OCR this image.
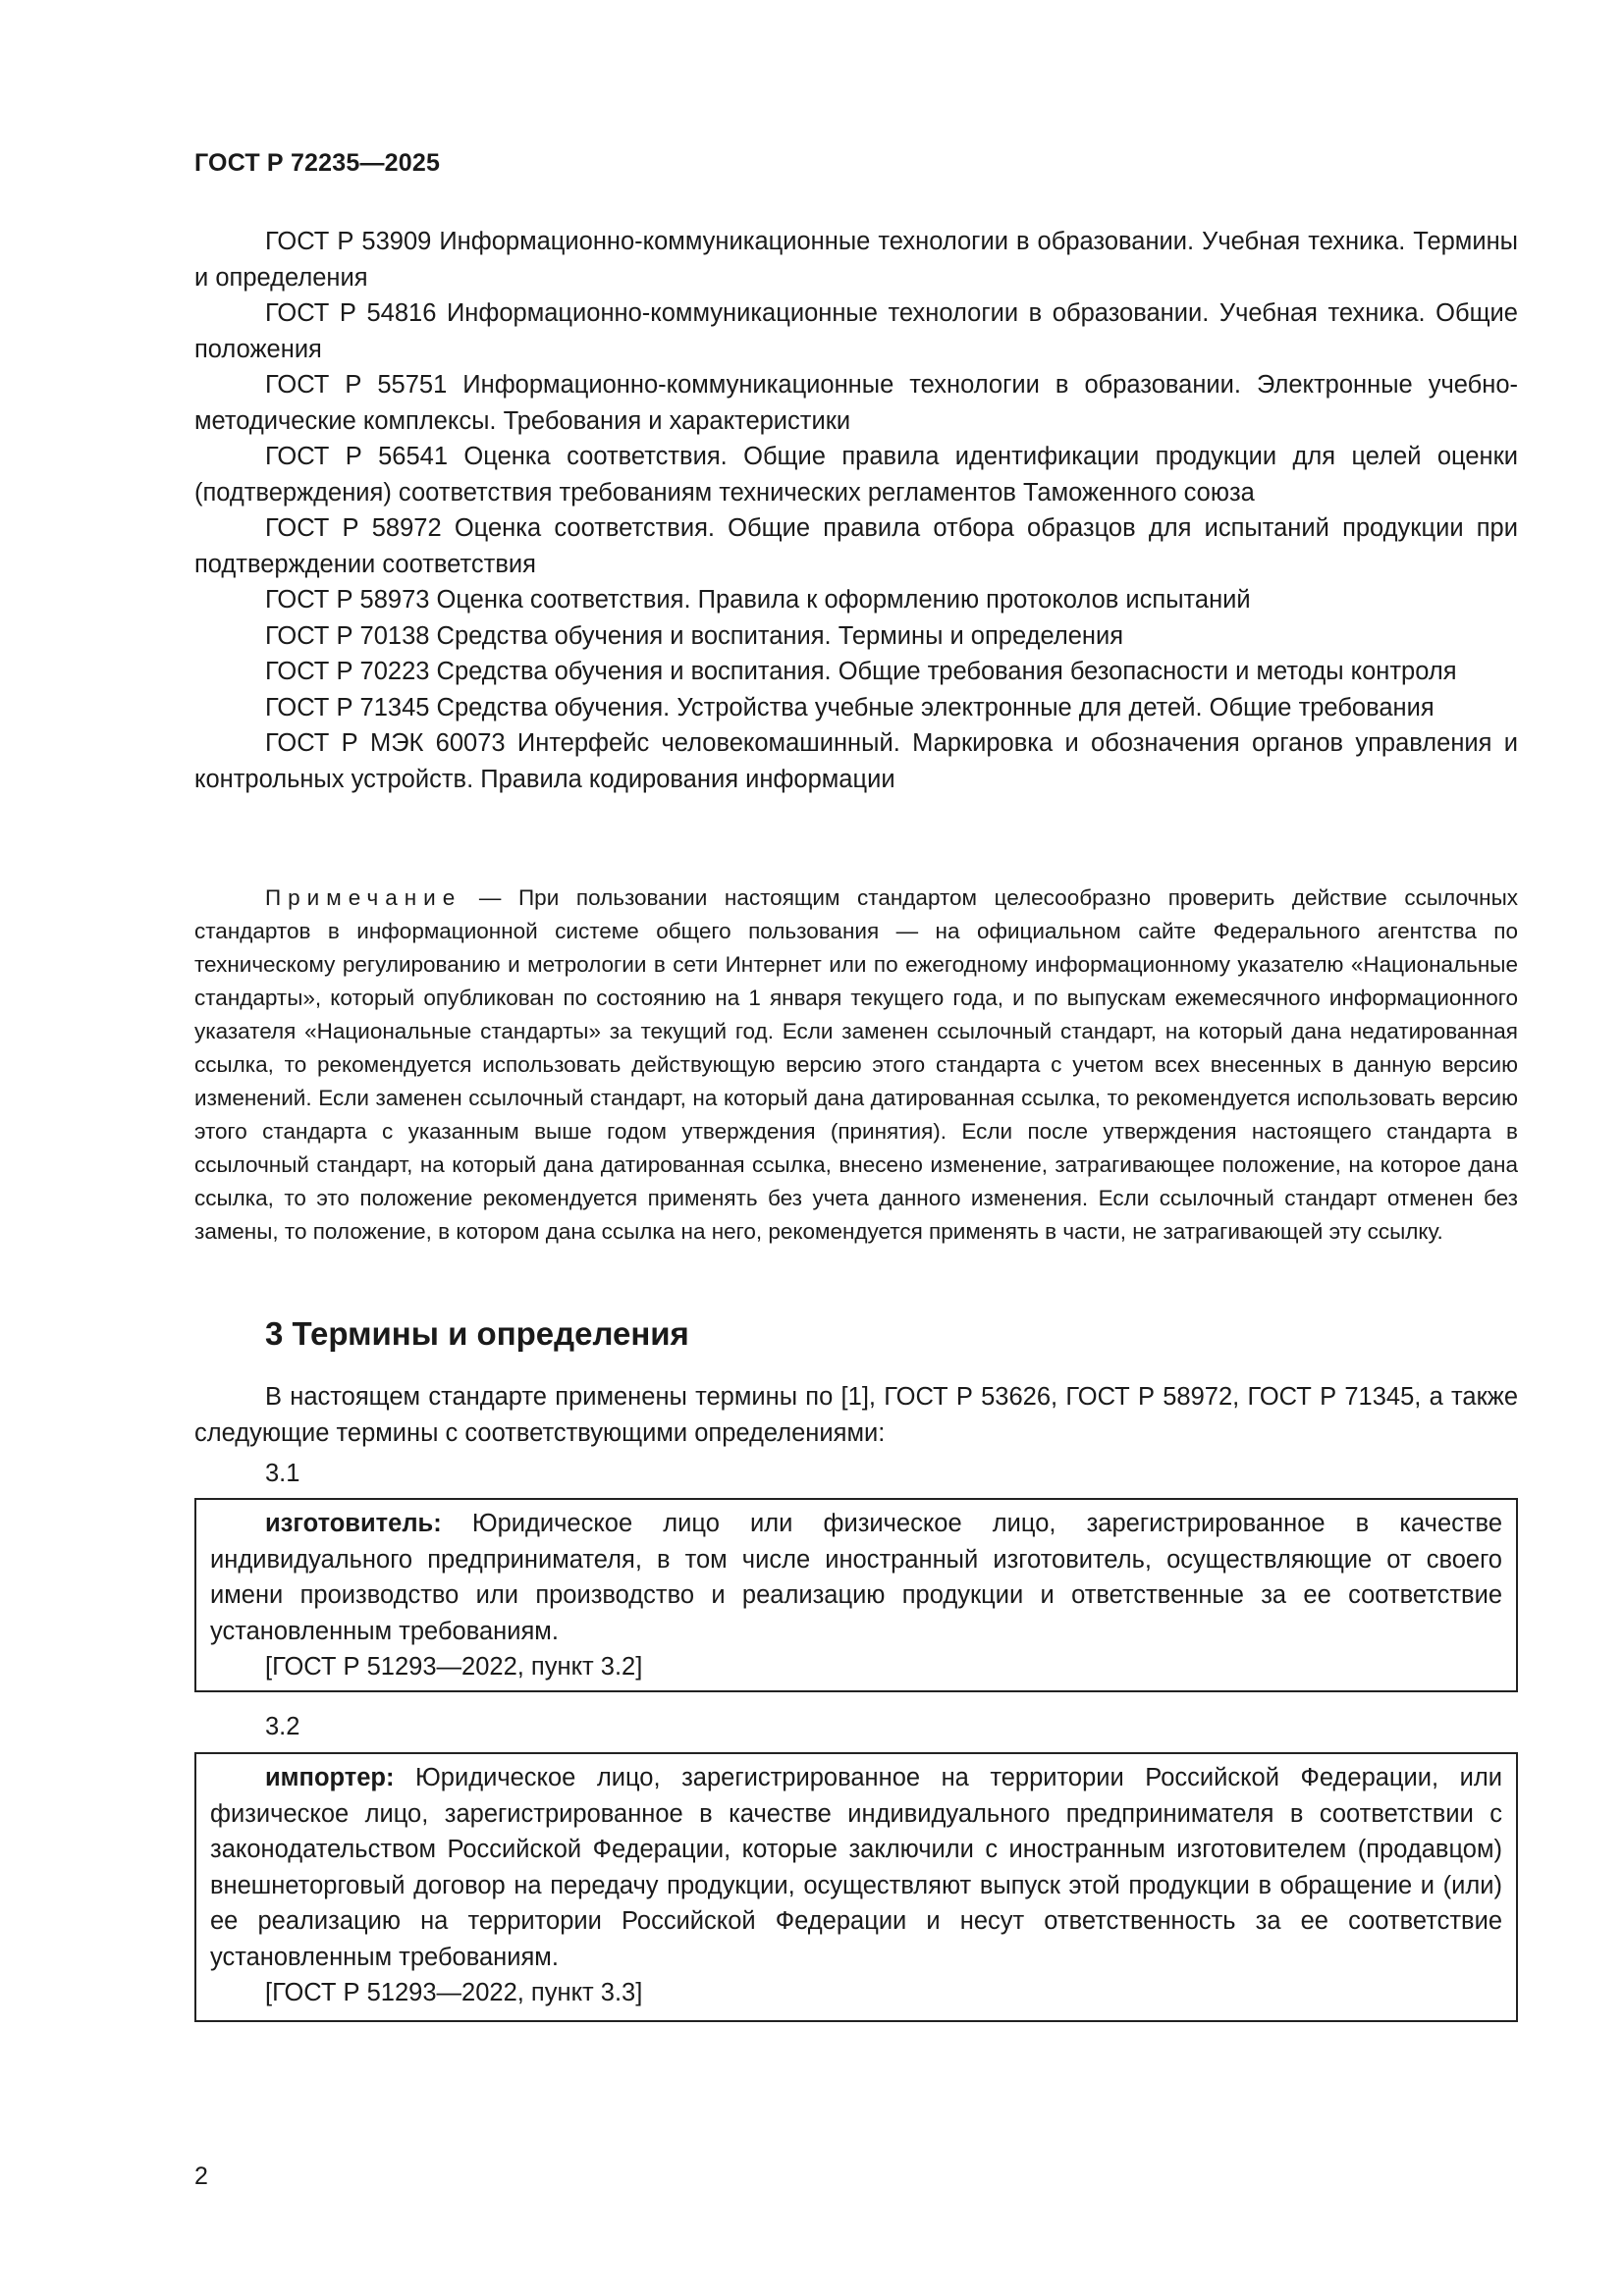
ГОСТ Р 72235—2025

ГОСТ Р 53909 Информационно-коммуникационные технологии в образовании. Учебная техника. Термины и определения

ГОСТ Р 54816 Информационно-коммуникационные технологии в образовании. Учебная техника. Общие положения

ГОСТ Р 55751 Информационно-коммуникационные технологии в образовании. Электронные учебно-методические комплексы. Требования и характеристики

ГОСТ Р 56541 Оценка соответствия. Общие правила идентификации продукции для целей оценки (подтверждения) соответствия требованиям технических регламентов Таможенного союза

ГОСТ Р 58972 Оценка соответствия. Общие правила отбора образцов для испытаний продукции при подтверждении соответствия

ГОСТ Р 58973 Оценка соответствия. Правила к оформлению протоколов испытаний

ГОСТ Р 70138 Средства обучения и воспитания. Термины и определения

ГОСТ Р 70223 Средства обучения и воспитания. Общие требования безопасности и методы контроля

ГОСТ Р 71345 Средства обучения. Устройства учебные электронные для детей. Общие требования

ГОСТ Р МЭК 60073 Интерфейс человекомашинный. Маркировка и обозначения органов управления и контрольных устройств. Правила кодирования информации

Примечание — При пользовании настоящим стандартом целесообразно проверить действие ссылочных стандартов в информационной системе общего пользования — на официальном сайте Федерального агентства по техническому регулированию и метрологии в сети Интернет или по ежегодному информационному указателю «Национальные стандарты», который опубликован по состоянию на 1 января текущего года, и по выпускам ежемесячного информационного указателя «Национальные стандарты» за текущий год. Если заменен ссылочный стандарт, на который дана недатированная ссылка, то рекомендуется использовать действующую версию этого стандарта с учетом всех внесенных в данную версию изменений. Если заменен ссылочный стандарт, на который дана датированная ссылка, то рекомендуется использовать версию этого стандарта с указанным выше годом утверждения (принятия). Если после утверждения настоящего стандарта в ссылочный стандарт, на который дана датированная ссылка, внесено изменение, затрагивающее положение, на которое дана ссылка, то это положение рекомендуется применять без учета данного изменения. Если ссылочный стандарт отменен без замены, то положение, в котором дана ссылка на него, рекомендуется применять в части, не затрагивающей эту ссылку.

3 Термины и определения

В настоящем стандарте применены термины по [1], ГОСТ Р 53626, ГОСТ Р 58972, ГОСТ Р 71345, а также следующие термины с соответствующими определениями:

3.1

изготовитель: Юридическое лицо или физическое лицо, зарегистрированное в качестве индивидуального предпринимателя, в том числе иностранный изготовитель, осуществляющие от своего имени производство или производство и реализацию продукции и ответственные за ее соответствие установленным требованиям.

[ГОСТ Р 51293—2022, пункт 3.2]

3.2

импортер: Юридическое лицо, зарегистрированное на территории Российской Федерации, или физическое лицо, зарегистрированное в качестве индивидуального предпринимателя в соответствии с законодательством Российской Федерации, которые заключили с иностранным изготовителем (продавцом) внешнеторговый договор на передачу продукции, осуществляют выпуск этой продукции в обращение и (или) ее реализацию на территории Российской Федерации и несут ответственность за ее соответствие установленным требованиям.

[ГОСТ Р 51293—2022, пункт 3.3]

2
